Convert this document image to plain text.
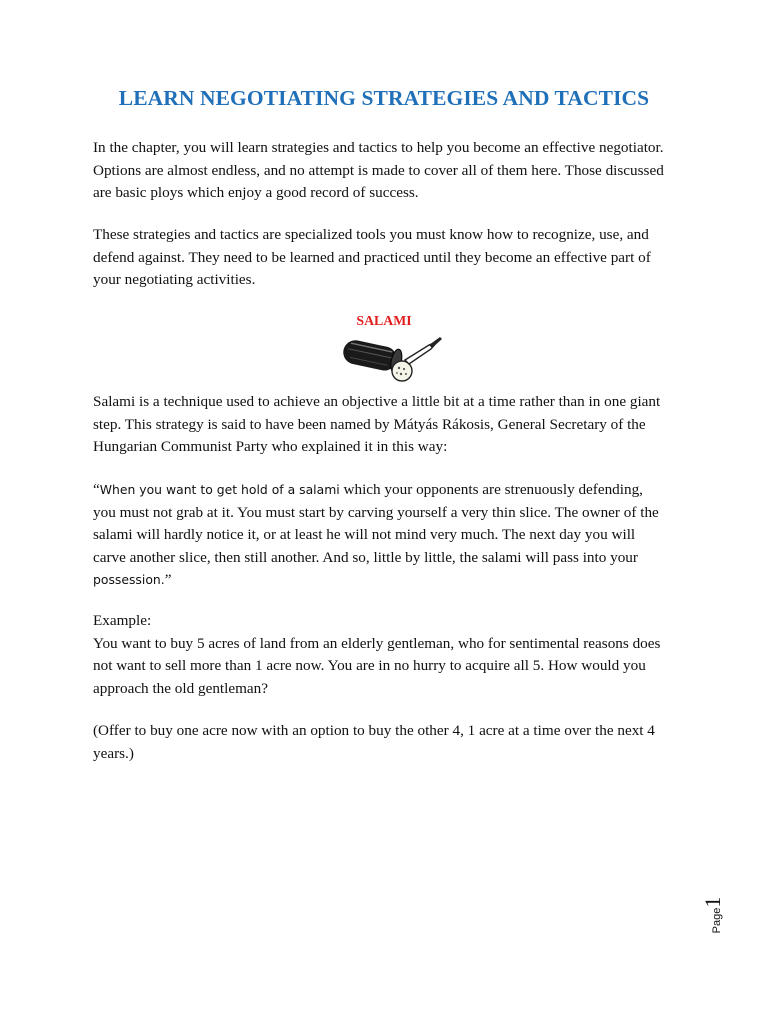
LEARN NEGOTIATING STRATEGIES AND TACTICS

In the chapter, you will learn strategies and tactics to help you become an effective negotiator.
Options are almost endless, and no attempt is made to cover all of them here. Those discussed
are basic ploys which enjoy a good record of success.

These strategies and tactics are specialized tools you must know how to recognize, use, and
defend against. They need to be learned and practiced until they become an effective part of
your negotiating activities.

SALAMI

Salami is a technique used to achieve an objective a little bit at a time rather than in one giant
step. This strategy is said to have been named by Mátyás Rákosis, General Secretary of the
Hungarian Communist Party who explained it in this way:

“When you want to get hold of a salami which your opponents are strenuously defending,
you must not grab at it. You must start by carving yourself a very thin slice. The owner of the
salami will hardly notice it, or at least he will not mind very much. The next day you will
carve another slice, then still another. And so, little by little, the salami will pass into your
possession.”

Example:
You want to buy 5 acres of land from an elderly gentleman, who for sentimental reasons does
not want to sell more than 1 acre now. You are in no hurry to acquire all 5. How would you
approach the old gentleman?

(Offer to buy one acre now with an option to buy the other 4, 1 acre at a time over the next 4
years.)

Page1
